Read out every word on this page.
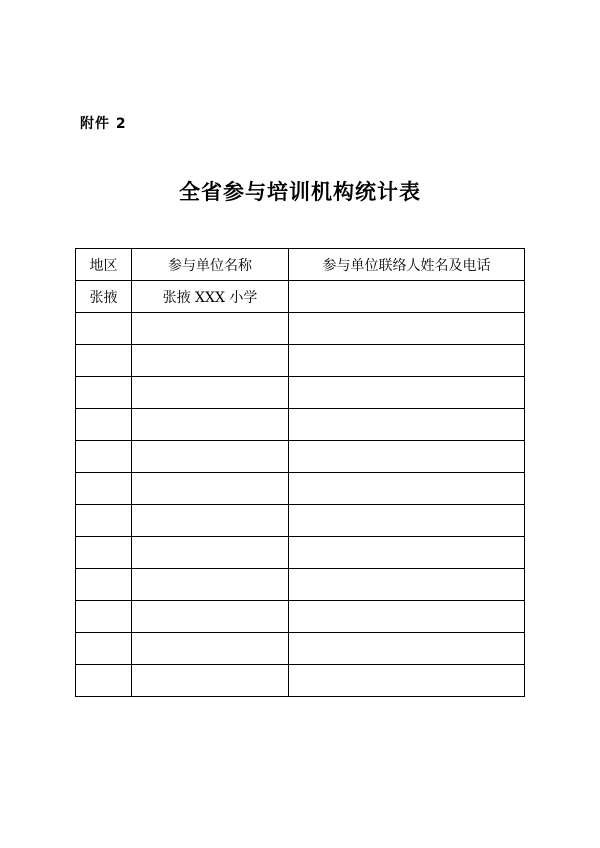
附件 2
全省参与培训机构统计表
地区	参与单位名称	参与单位联络人姓名及电话
张掖	张掖 XXX 小学	
